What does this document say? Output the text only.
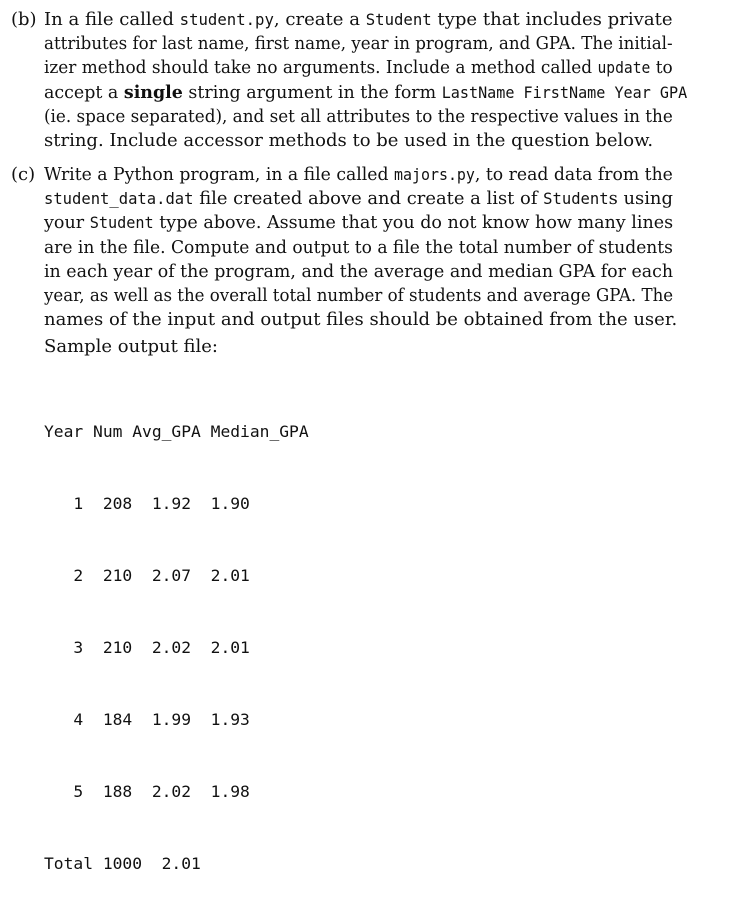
(b) In a file called student.py, create a Student type that includes private
attributes for last name, first name, year in program, and GPA. The initial-
izer method should take no arguments. Include a method called update to
accept a single string argument in the form LastName FirstName Year GPA
(ie. space separated), and set all attributes to the respective values in the
string. Include accessor methods to be used in the question below.
(c) Write a Python program, in a file called majors.py, to read data from the
student_data.dat file created above and create a list of Students using
your Student type above. Assume that you do not know how many lines
are in the file. Compute and output to a file the total number of students
in each year of the program, and the average and median GPA for each
year, as well as the overall total number of students and average GPA. The
names of the input and output files should be obtained from the user.
Sample output file:

Year Num Avg_GPA Median_GPA

1  208  1.92  1.90

2  210  2.07  2.01

3  210  2.02  2.01

4  184  1.99  1.93

5  188  2.02  1.98

Total 1000  2.01
